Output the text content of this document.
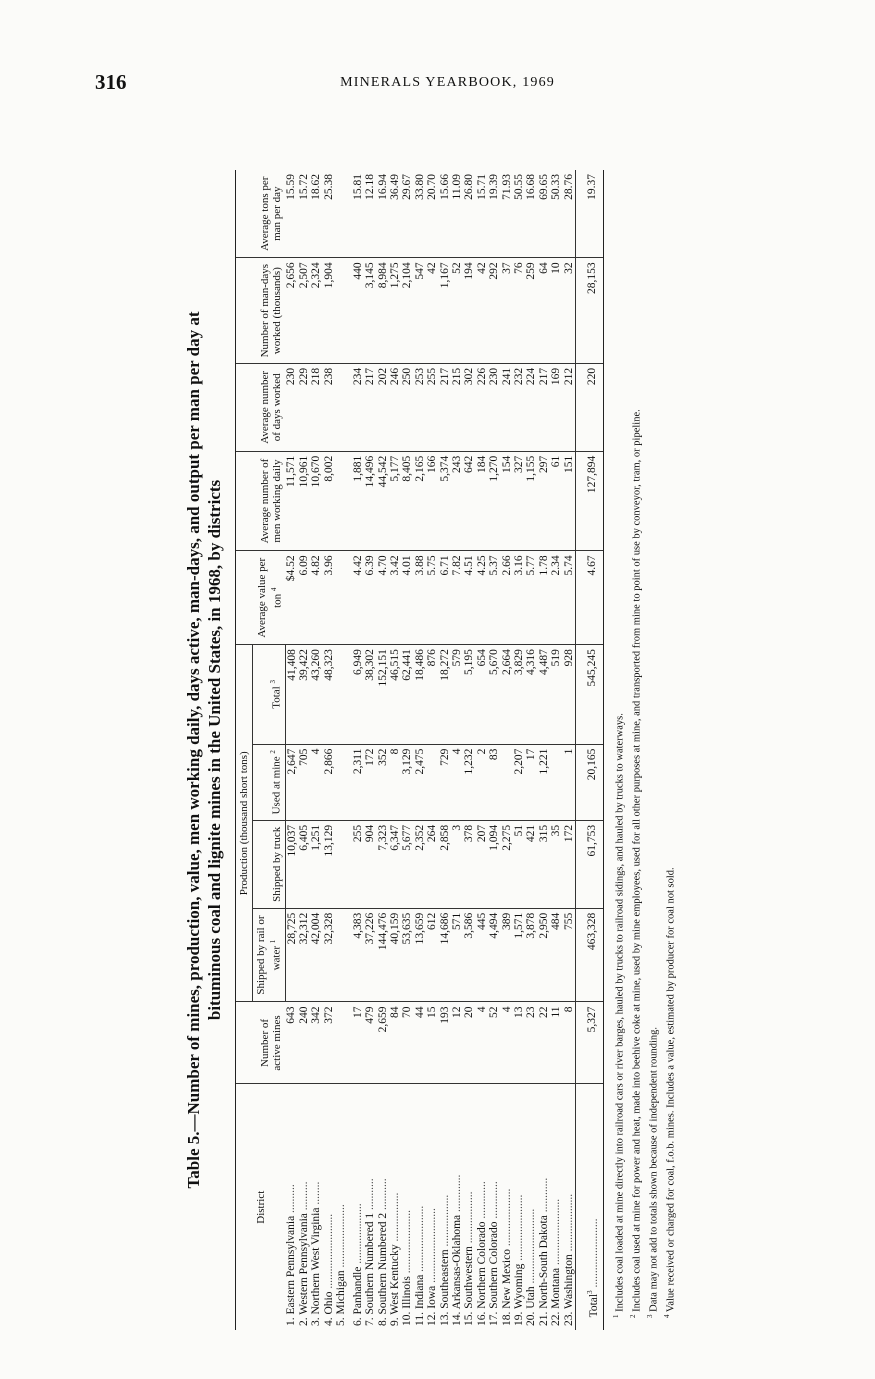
316	MINERALS YEARBOOK, 1969
Table 5.—Number of mines, production, value, men working daily, days active, man-days, and output per man per day at bituminous coal and lignite mines in the United States, in 1968, by districts
District	Number of active mines	Production (thousand short tons)				Average value per ton $^4$	Average number of men working daily	Average number of days worked	Number of man-days worked (thousands)	Average tons per man per day
		Shipped by rail or water $^1$	Shipped by truck	Used at mine $^2$	Total $^3$
1. Eastern Pennsylvania ..........	643	28,725	10,037	2,647	41,408	$4.52	11,571	230	2,656	15.59
2. Western Pennsylvania ..........	240	32,312	6,405	705	39,422	6.09	10,961	229	2,507	15.72
3. Northern West Virginia ........	342	42,004	1,251	4	43,260	4.82	10,670	218	2,324	18.62
4. Ohio ..........................	372	32,328	13,129	2,866	48,323	3.96	8,002	238	1,904	25.38
5. Michigan ......................										

6. Panhandle .....................	17	4,383	255	2,311	6,949	4.42	1,881	234	440	15.81
7. Southern Numbered 1 ...........	479	37,226	904	172	38,302	6.39	14,496	217	3,145	12.18
8. Southern Numbered 2 ...........	2,659	144,476	7,323	352	152,151	4.70	44,542	202	8,984	16.94
9. West Kentucky .................	84	40,159	6,347	8	46,515	3.42	5,177	246	1,275	36.49
10. Illinois ......................	70	53,635	5,677	3,129	62,441	4.01	8,405	250	2,104	29.67
11. Indiana .......................	44	13,659	2,352	2,475	18,486	3.88	2,165	253	547	33.80
12. Iowa ..........................	15	612	264		876	5.75	166	255	42	20.70
13. Southeastern ..................	193	14,686	2,858	729	18,272	6.71	5,374	217	1,167	15.66
14. Arkansas-Oklahoma .............	12	571	3	4	579	7.82	243	215	52	11.09
15. Southwestern ..................	20	3,586	378	1,232	5,195	4.51	642	302	194	26.80
16. Northern Colorado .............	4	445	207	2	654	4.25	184	226	42	15.71
17. Southern Colorado .............	52	4,494	1,094	83	5,670	5.37	1,270	230	292	19.39
18. New Mexico ....................	4	389	2,275		2,664	2.66	154	241	37	71.93
19. Wyoming .......................	13	1,571	51	2,207	3,829	3.16	327	232	76	50.55
20. Utah ..........................	23	3,878	421	17	4,316	5.77	1,155	224	259	16.68
21. North-South Dakota ............	22	2,950	315	1,221	4,487	1.78	297	217	64	69.65
22. Montana .......................	11	484	35		519	2.34	61	169	10	50.33
23. Washington ....................	8	755	172	1	928	5.74	151	212	32	28.76
Total$^3$ ........................	5,327	463,328	61,753	20,165	545,245	4.67	127,894	220	28,153	19.37

$^1$ Includes coal loaded at mine directly into railroad cars or river barges, hauled by trucks to railroad sidings, and hauled by trucks to waterways.

$^2$ Includes coal used at mine for power and heat, made into beehive coke at mine, used by mine employees, used for all other purposes at mine, and transported from mine to point of use by conveyor, tram, or pipeline.

$^3$ Data may not add to totals shown because of independent rounding.

$^4$ Value received or charged for coal, f.o.b. mines. Includes a value, estimated by producer for coal not sold.
